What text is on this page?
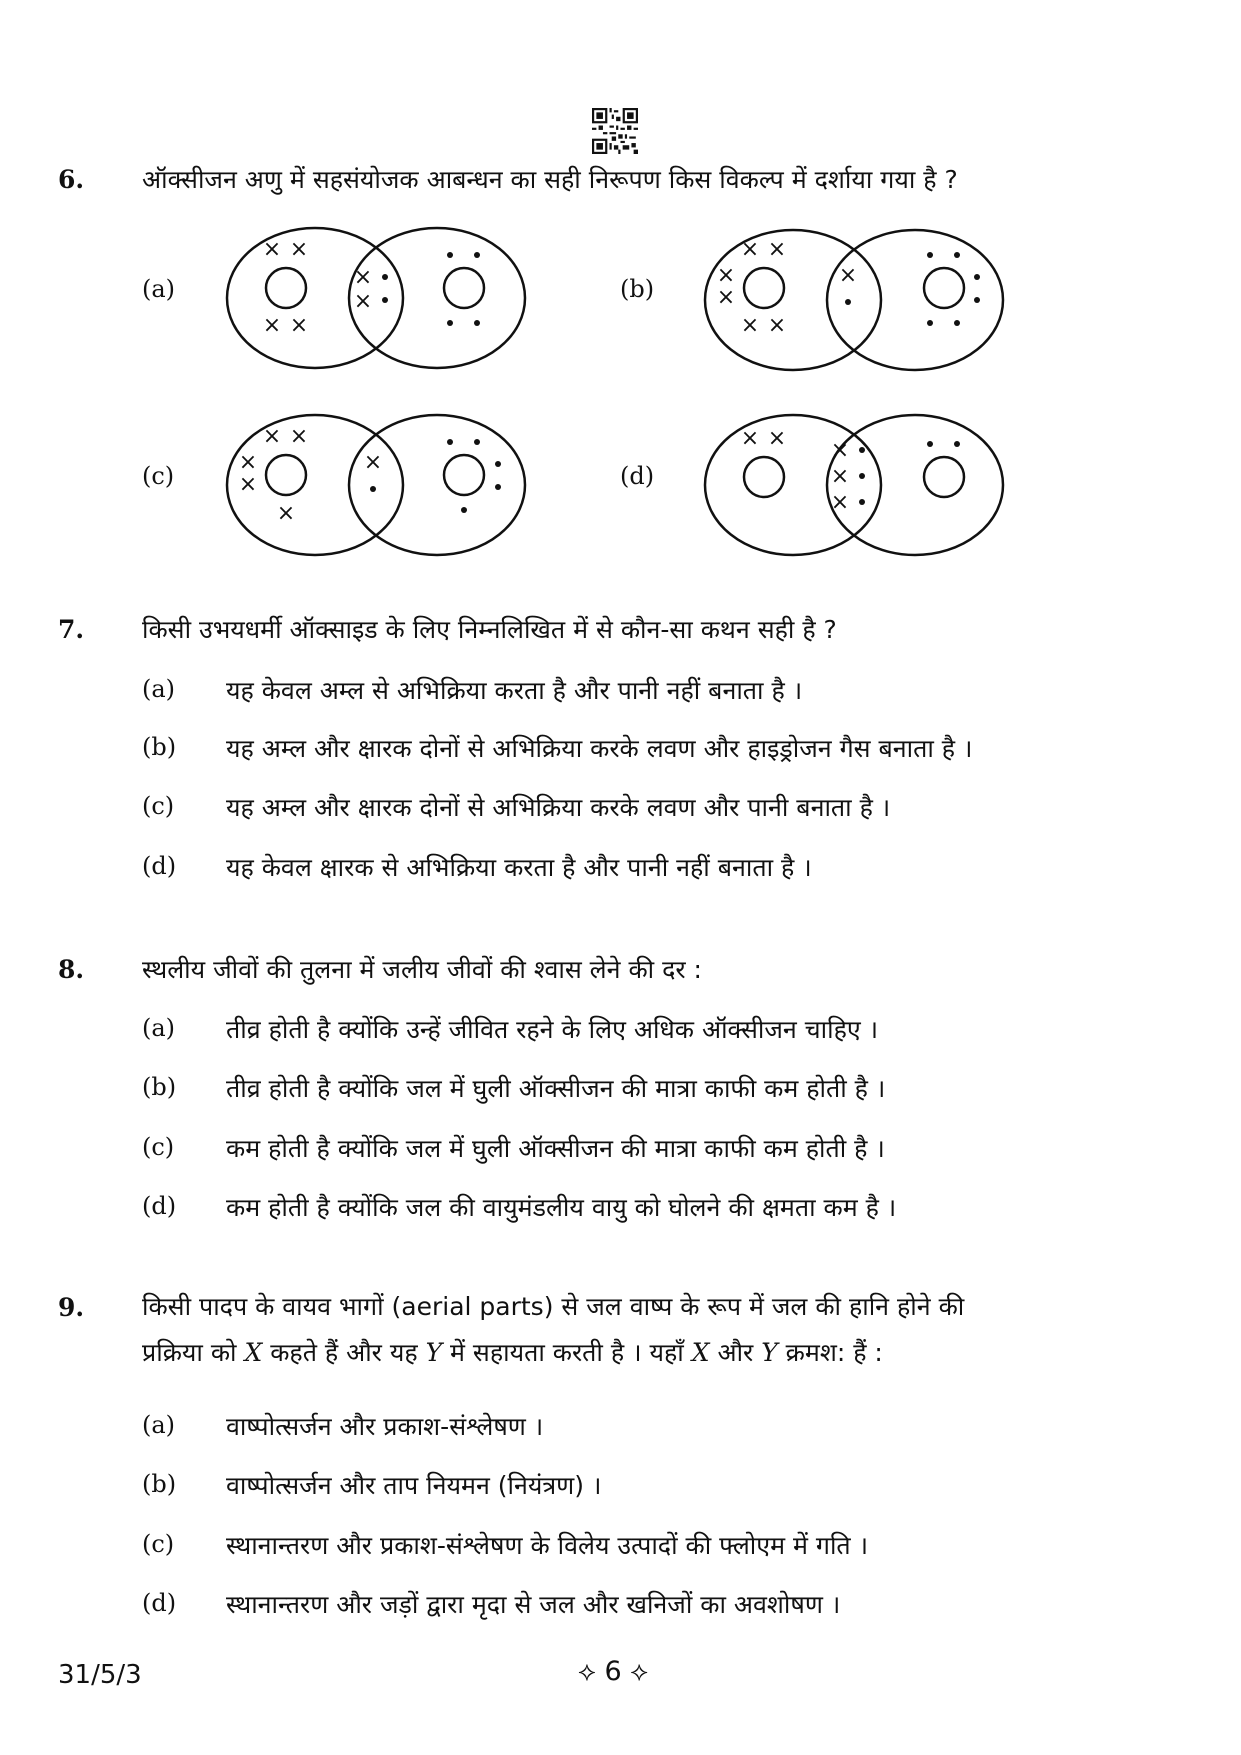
6. ऑक्सीजन अणु में सहसंयोजक आबन्धन का सही निरूपण किस विकल्प में दर्शाया गया है ?
(a)
× ×
× ×
×
×	(b)
× ×
×
×
× ×
×
(c)
× ×
×
×
×
×	(d)
× × ×
×
×
7. किसी उभयधर्मी ऑक्साइड के लिए निम्नलिखित में से कौन-सा कथन सही है ?
(a) यह केवल अम्ल से अभिक्रिया करता है और पानी नहीं बनाता है ।
(b) यह अम्ल और क्षारक दोनों से अभिक्रिया करके लवण और हाइड्रोजन गैस बनाता है ।
(c) यह अम्ल और क्षारक दोनों से अभिक्रिया करके लवण और पानी बनाता है ।
(d) यह केवल क्षारक से अभिक्रिया करता है और पानी नहीं बनाता है ।
8. स्थलीय जीवों की तुलना में जलीय जीवों की श्वास लेने की दर :
(a) तीव्र होती है क्योंकि उन्हें जीवित रहने के लिए अधिक ऑक्सीजन चाहिए ।
(b) तीव्र होती है क्योंकि जल में घुली ऑक्सीजन की मात्रा काफी कम होती है ।
(c) कम होती है क्योंकि जल में घुली ऑक्सीजन की मात्रा काफी कम होती है ।
(d) कम होती है क्योंकि जल की वायुमंडलीय वायु को घोलने की क्षमता कम है ।
9. किसी पादप के वायव भागों (aerial parts) से जल वाष्प के रूप में जल की हानि होने की
प्रक्रिया को X कहते हैं और यह Y में सहायता करती है । यहाँ X और Y क्रमश: हैं :
(a) वाष्पोत्सर्जन और प्रकाश-संश्लेषण ।
(b) वाष्पोत्सर्जन और ताप नियमन (नियंत्रण) ।
(c) स्थानान्तरण और प्रकाश-संश्लेषण के विलेय उत्पादों की फ्लोएम में गति ।
(d) स्थानान्तरण और जड़ों द्वारा मृदा से जल और खनिजों का अवशोषण ।
31/5/3	⟡ 6 ⟡
